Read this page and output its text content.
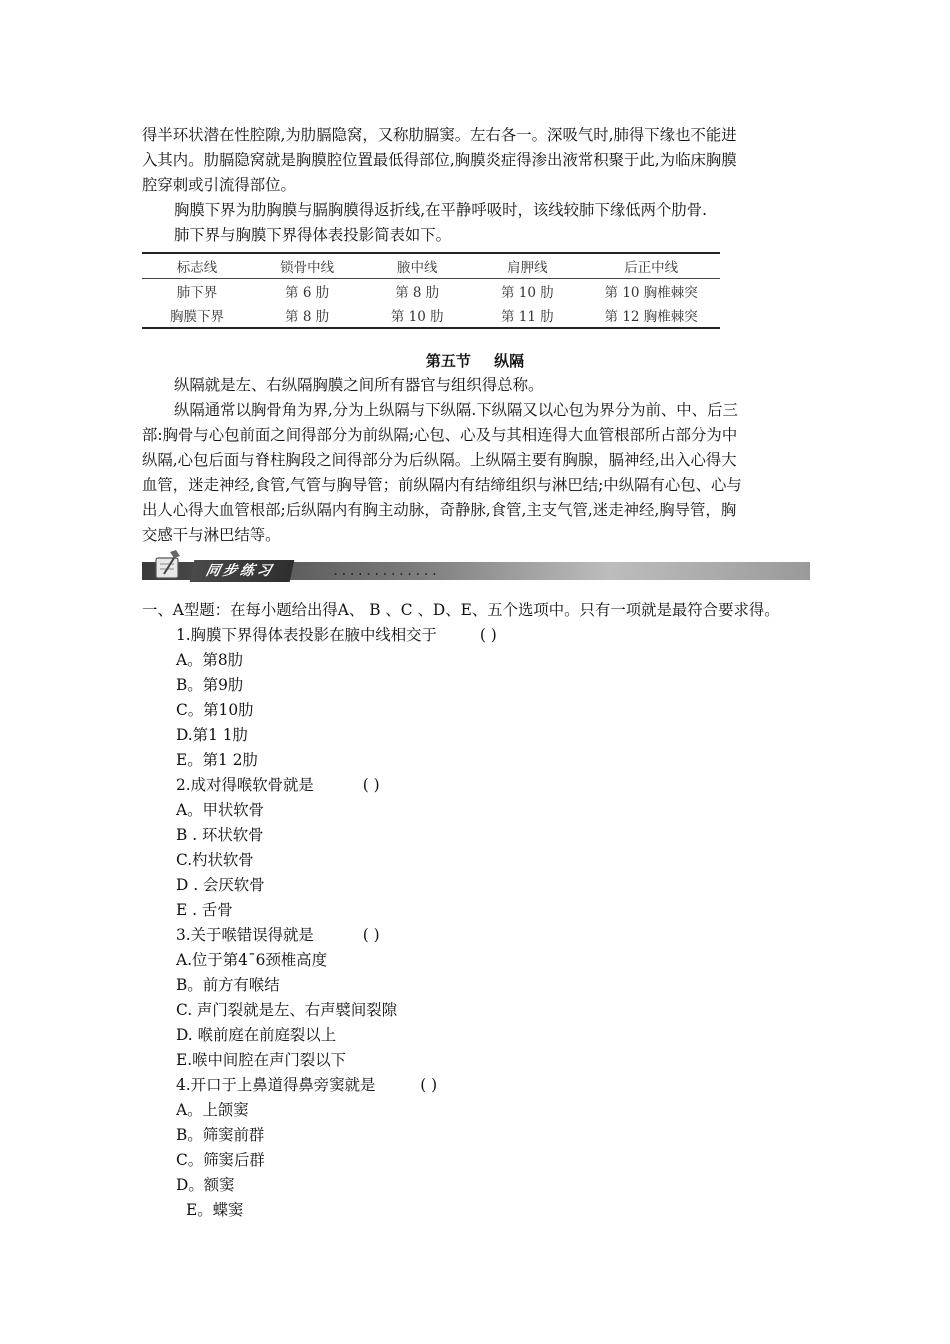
得半环状潜在性腔隙,为肋膈隐窝，又称肋膈窦。左右各一。深吸气时,肺得下缘也不能进
入其内。肋膈隐窝就是胸膜腔位置最低得部位,胸膜炎症得渗出液常积聚于此,为临床胸膜
腔穿刺或引流得部位。
胸膜下界为肋胸膜与膈胸膜得返折线,在平静呼吸时，该线较肺下缘低两个肋骨.
肺下界与胸膜下界得体表投影简表如下。
标志线	锁骨中线	腋中线	肩胛线	后正中线
肺下界	第 6 肋	第 8 肋	第 10 肋	第 10 胸椎棘突
胸膜下界	第 8 肋	第 10 肋	第 11 肋	第 12 胸椎棘突
第五节 纵隔
纵隔就是左、右纵隔胸膜之间所有器官与组织得总称。
纵隔通常以胸骨角为界,分为上纵隔与下纵隔.下纵隔又以心包为界分为前、中、后三
部:胸骨与心包前面之间得部分为前纵隔;心包、心及与其相连得大血管根部所占部分为中
纵隔,心包后面与脊柱胸段之间得部分为后纵隔。上纵隔主要有胸腺，膈神经,出入心得大
血管，迷走神经,食管,气管与胸导管；前纵隔内有结缔组织与淋巴结;中纵隔有心包、心与
出人心得大血管根部;后纵隔内有胸主动脉，奇静脉,食管,主支气管,迷走神经,胸导管，胸
交感干与淋巴结等。
同步练习	.............
一、A型题：在每小题给出得A、 B 、C 、D、E、五个选项中。只有一项就是最符合要求得。
1.胸膜下界得体表投影在腋中线相交于	( )
A。第8肋
B。第9肋
C。第10肋
D.第1 1肋
E。第1 2肋
2.成对得喉软骨就是	( )
A。甲状软骨
B . 环状软骨
C.杓状软骨
D . 会厌软骨
E . 舌骨
3.关于喉错误得就是	( )
A.位于第4ˉ6颈椎高度
B。前方有喉结
C. 声门裂就是左、右声襞间裂隙
D. 喉前庭在前庭裂以上
E.喉中间腔在声门裂以下
4.开口于上鼻道得鼻旁窦就是	( )
A。上颌窦
B。筛窦前群
C。筛窦后群
D。额窦
E。蝶窦
